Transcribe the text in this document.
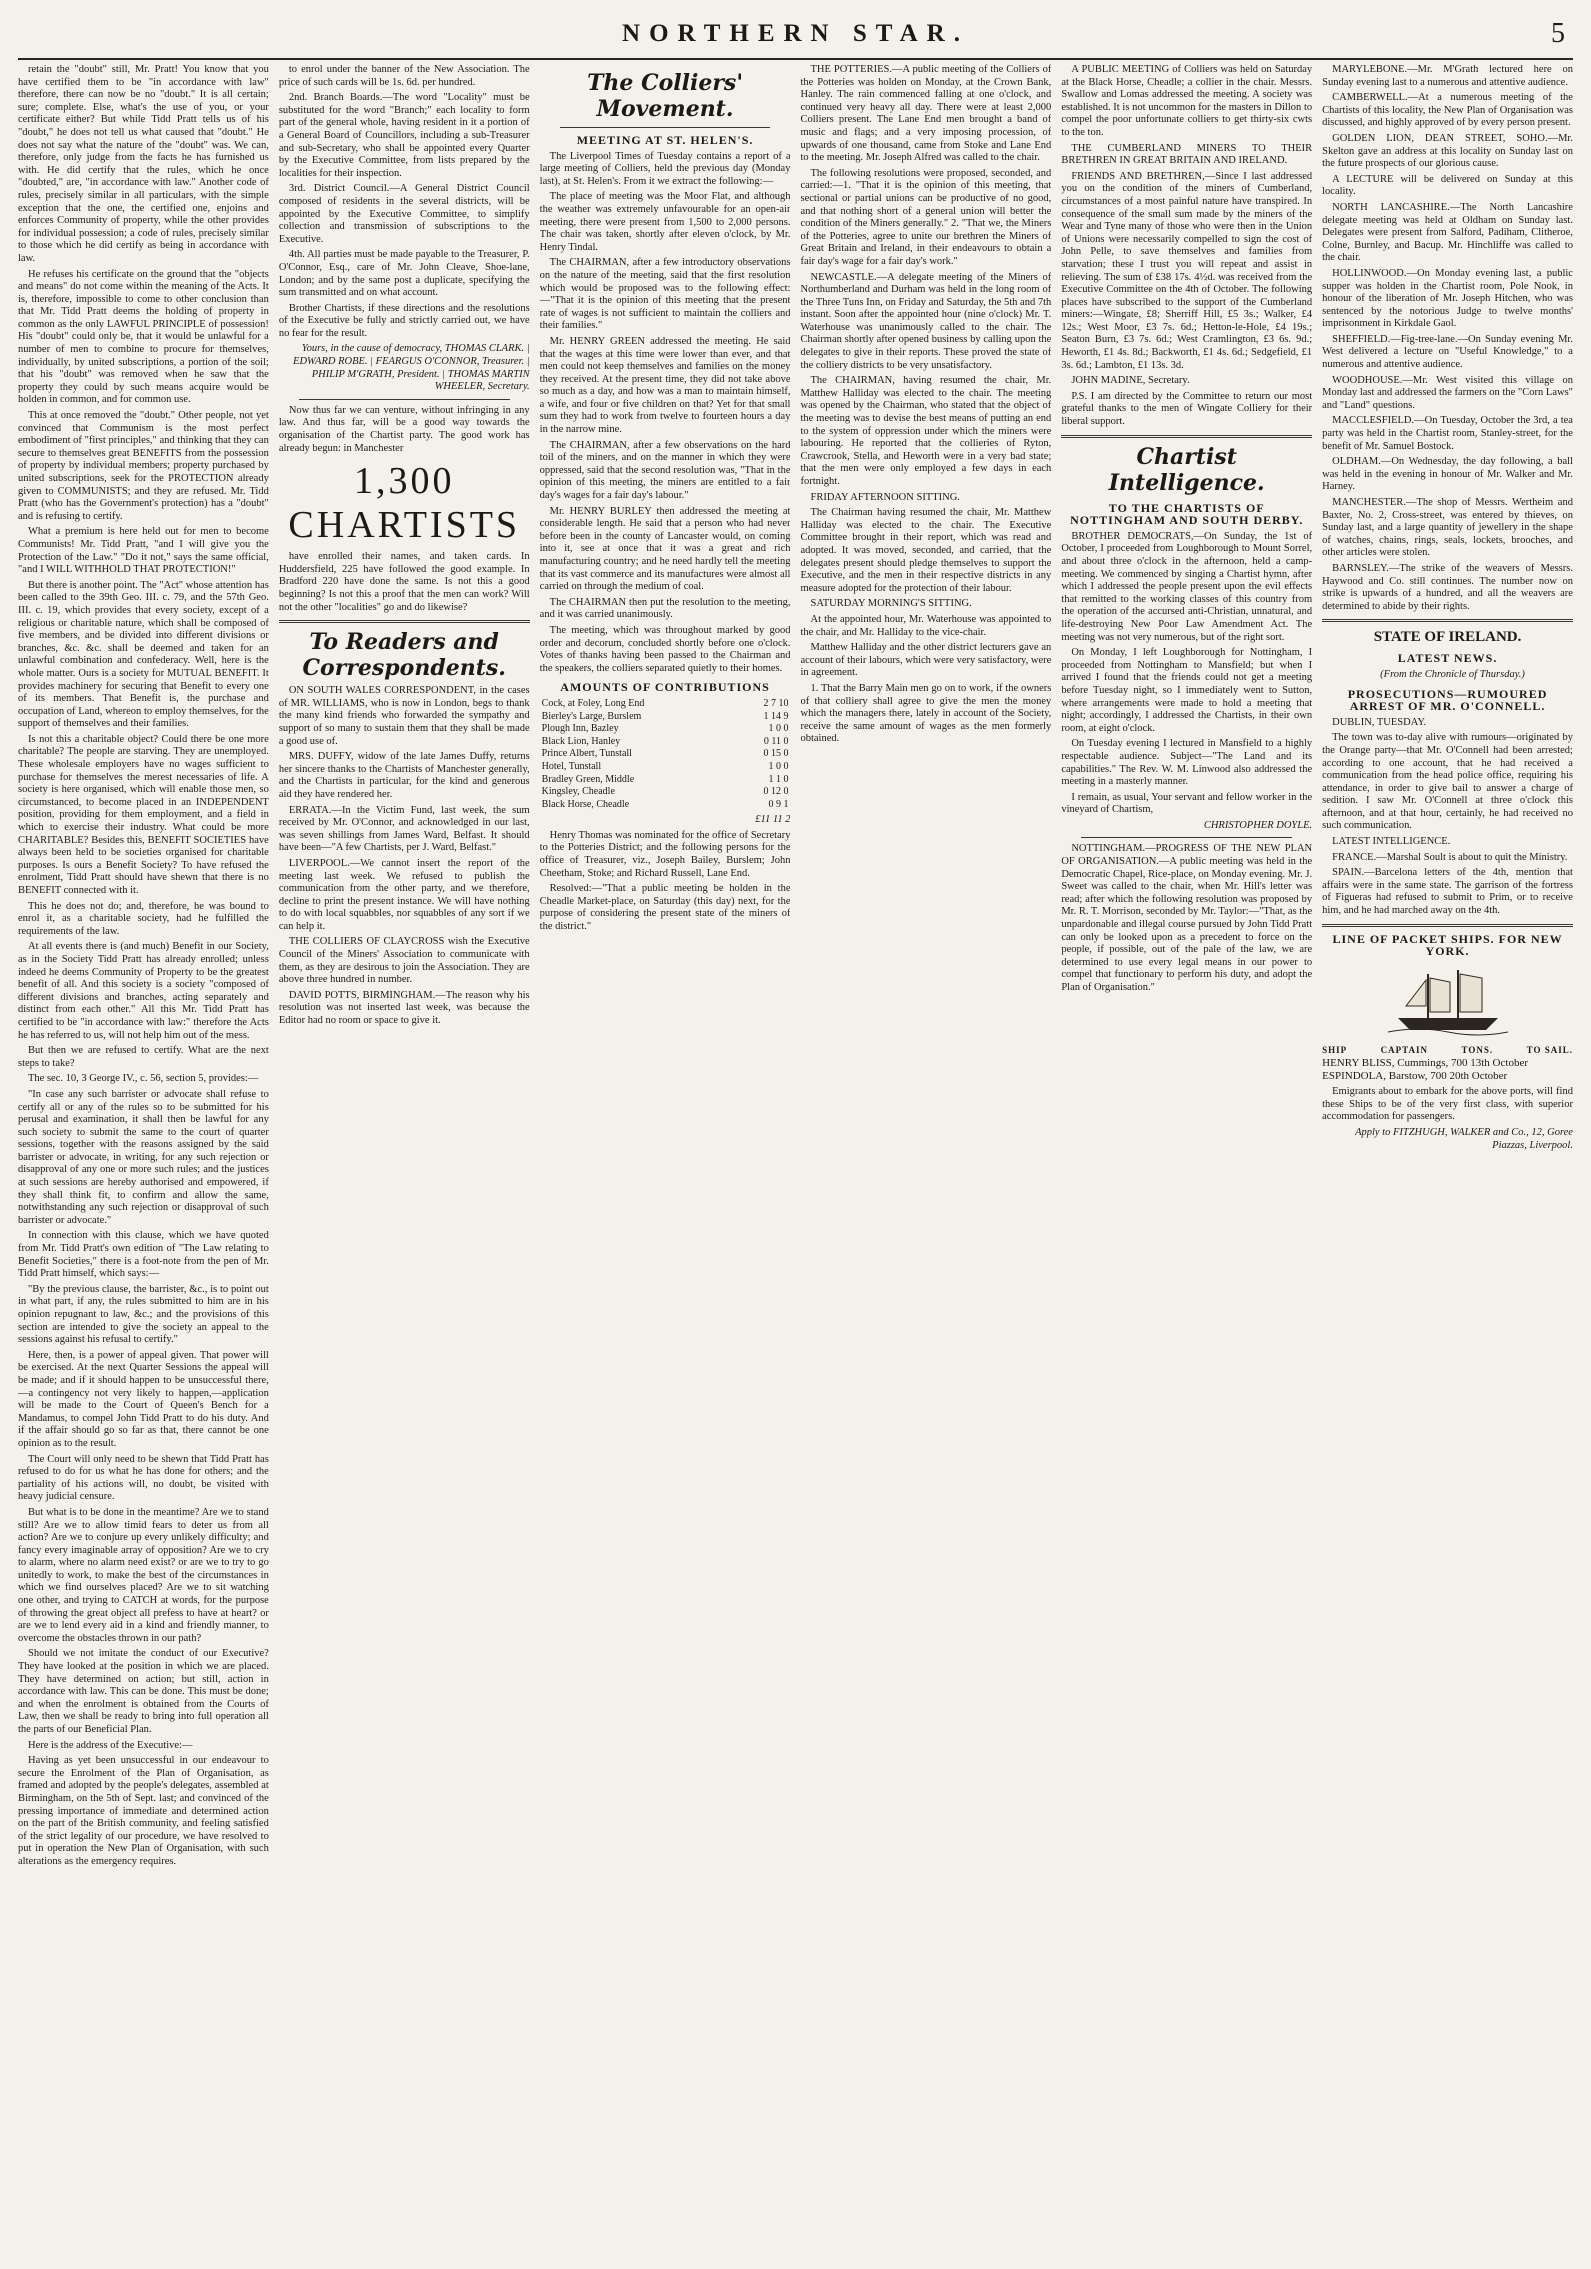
NORTHERN STAR.	5

retain the "doubt" still, Mr. Pratt! You know that you have certified them to be "in accordance with law" therefore, there can now be no "doubt." It is all certain; sure; complete. Else, what's the use of you, or your certificate either? But while Tidd Pratt tells us of his "doubt," he does not tell us what caused that "doubt." He does not say what the nature of the "doubt" was. We can, therefore, only judge from the facts he has furnished us with. He did certify that the rules, which he once "doubted," are, "in accordance with law." Another code of rules, precisely similar in all particulars, with the simple exception that the one, the certified one, enjoins and enforces Community of property, while the other provides for individual possession; a code of rules, precisely similar to those which he did certify as being in accordance with law.

He refuses his certificate on the ground that the "objects and means" do not come within the meaning of the Acts. It is, therefore, impossible to come to other conclusion than that Mr. Tidd Pratt deems the holding of property in common as the only LAWFUL PRINCIPLE of possession! His "doubt" could only be, that it would be unlawful for a number of men to combine to procure for themselves, individually, by united subscriptions, a portion of the soil; that his "doubt" was removed when he saw that the property they could by such means acquire would be holden in common, and for common use.

This at once removed the "doubt." Other people, not yet convinced that Communism is the most perfect embodiment of "first principles," and thinking that they can secure to themselves great BENEFITS from the possession of property by individual members; property purchased by united subscriptions, seek for the PROTECTION already given to COMMUNISTS; and they are refused. Mr. Tidd Pratt (who has the Government's protection) has a "doubt" and is refusing to certify.

What a premium is here held out for men to become Communists! Mr. Tidd Pratt, "and I will give you the Protection of the Law." "Do it not," says the same official, "and I WILL WITHHOLD THAT PROTECTION!"

But there is another point. The "Act" whose attention has been called to the 39th Geo. III. c. 79, and the 57th Geo. III. c. 19, which provides that every society, except of a religious or charitable nature, which shall be composed of five members, and be divided into different divisions or branches, &c. &c. shall be deemed and taken for an unlawful combination and confederacy. Well, here is the whole matter. Ours is a society for MUTUAL BENEFIT. It provides machinery for securing that Benefit to every one of its members. That Benefit is, the purchase and occupation of Land, whereon to employ themselves, for the support of themselves and their families.

Is not this a charitable object? Could there be one more charitable? The people are starving. They are unemployed. These wholesale employers have no wages sufficient to purchase for themselves the merest necessaries of life. A society is here organised, which will enable those men, so circumstanced, to become placed in an INDEPENDENT position, providing for them employment, and a field in which to exercise their industry. What could be more CHARITABLE? Besides this, BENEFIT SOCIETIES have always been held to be societies organised for charitable purposes. Is ours a Benefit Society? To have refused the enrolment, Tidd Pratt should have shewn that there is no BENEFIT connected with it.

This he does not do; and, therefore, he was bound to enrol it, as a charitable society, had he fulfilled the requirements of the law.

At all events there is (and much) Benefit in our Society, as in the Society Tidd Pratt has already enrolled; unless indeed he deems Community of Property to be the greatest benefit of all. And this society is a society "composed of different divisions and branches, acting separately and distinct from each other." All this Mr. Tidd Pratt has certified to be "in accordance with law:" therefore the Acts he has referred to us, will not help him out of the mess.

But then we are refused to certify. What are the next steps to take?

The sec. 10, 3 George IV., c. 56, section 5, provides:—

"In case any such barrister or advocate shall refuse to certify all or any of the rules so to be submitted for his perusal and examination, it shall then be lawful for any such society to submit the same to the court of quarter sessions, together with the reasons assigned by the said barrister or advocate, in writing, for any such rejection or disapproval of any one or more such rules; and the justices at such sessions are hereby authorised and empowered, if they shall think fit, to confirm and allow the same, notwithstanding any such rejection or disapproval of such barrister or advocate."

In connection with this clause, which we have quoted from Mr. Tidd Pratt's own edition of "The Law relating to Benefit Societies," there is a foot-note from the pen of Mr. Tidd Pratt himself, which says:—

"By the previous clause, the barrister, &c., is to point out in what part, if any, the rules submitted to him are in his opinion repugnant to law, &c.; and the provisions of this section are intended to give the society an appeal to the sessions against his refusal to certify."

Here, then, is a power of appeal given. That power will be exercised. At the next Quarter Sessions the appeal will be made; and if it should happen to be unsuccessful there,—a contingency not very likely to happen,—application will be made to the Court of Queen's Bench for a Mandamus, to compel John Tidd Pratt to do his duty. And if the affair should go so far as that, there cannot be one opinion as to the result.

The Court will only need to be shewn that Tidd Pratt has refused to do for us what he has done for others; and the partiality of his actions will, no doubt, be visited with heavy judicial censure.

But what is to be done in the meantime? Are we to stand still? Are we to allow timid fears to deter us from all action? Are we to conjure up every unlikely difficulty; and fancy every imaginable array of opposition? Are we to cry to alarm, where no alarm need exist? or are we to try to go unitedly to work, to make the best of the circumstances in which we find ourselves placed? Are we to sit watching one other, and trying to CATCH at words, for the purpose of throwing the great object all prefess to have at heart? or are we to lend every aid in a kind and friendly manner, to overcome the obstacles thrown in our path?

Should we not imitate the conduct of our Executive? They have looked at the position in which we are placed. They have determined on action; but still, action in accordance with law. This can be done. This must be done; and when the enrolment is obtained from the Courts of Law, then we shall be ready to bring into full operation all the parts of our Beneficial Plan.

Here is the address of the Executive:—

Having as yet been unsuccessful in our endeavour to secure the Enrolment of the Plan of Organisation, as framed and adopted by the people's delegates, assembled at Birmingham, on the 5th of Sept. last; and convinced of the pressing importance of immediate and determined action on the part of the British community, and feeling satisfied of the strict legality of our procedure, we have resolved to put in operation the New Plan of Organisation, with such alterations as the emergency requires.

to enrol under the banner of the New Association. The price of such cards will be 1s. 6d. per hundred.

2nd. Branch Boards.—The word "Locality" must be substituted for the word "Branch;" each locality to form part of the general whole, having resident in it a portion of a General Board of Councillors, including a sub-Treasurer and sub-Secretary, who shall be appointed every Quarter by the Executive Committee, from lists prepared by the localities for their inspection.

3rd. District Council.—A General District Council composed of residents in the several districts, will be appointed by the Executive Committee, to simplify collection and transmission of subscriptions to the Executive.

4th. All parties must be made payable to the Treasurer, P. O'Connor, Esq., care of Mr. John Cleave, Shoe-lane, London; and by the same post a duplicate, specifying the sum transmitted and on what account.

Brother Chartists, if these directions and the resolutions of the Executive be fully and strictly carried out, we have no fear for the result.

Yours, in the cause of democracy, THOMAS CLARK. | EDWARD ROBE. | FEARGUS O'CONNOR, Treasurer. | PHILIP M'GRATH, President. | THOMAS MARTIN WHEELER, Secretary.

Now thus far we can venture, without infringing in any law. And thus far, will be a good way towards the organisation of the Chartist party. The good work has already begun: in Manchester

1,300 CHARTISTS

have enrolled their names, and taken cards. In Huddersfield, 225 have followed the good example. In Bradford 220 have done the same. Is not this a good beginning? Is not this a proof that the men can work? Will not the other "localities" go and do likewise?

To Readers and Correspondents.

ON SOUTH WALES CORRESPONDENT, in the cases of MR. WILLIAMS, who is now in London, begs to thank the many kind friends who forwarded the sympathy and support of so many to sustain them that they shall be made a good use of.

MRS. DUFFY, widow of the late James Duffy, returns her sincere thanks to the Chartists of Manchester generally, and the Chartists in particular, for the kind and generous aid they have rendered her.

ERRATA.—In the Victim Fund, last week, the sum received by Mr. O'Connor, and acknowledged in our last, was seven shillings from James Ward, Belfast. It should have been—"A few Chartists, per J. Ward, Belfast."

LIVERPOOL.—We cannot insert the report of the meeting last week. We refused to publish the communication from the other party, and we therefore, decline to print the present instance. We will have nothing to do with local squabbles, nor squabbles of any sort if we can help it.

THE COLLIERS OF CLAYCROSS wish the Executive Council of the Miners' Association to communicate with them, as they are desirous to join the Association. They are above three hundred in number.

DAVID POTTS, BIRMINGHAM.—The reason why his resolution was not inserted last week, was because the Editor had no room or space to give it.

The Colliers' Movement.
MEETING AT ST. HELEN'S.

The Liverpool Times of Tuesday contains a report of a large meeting of Colliers, held the previous day (Monday last), at St. Helen's. From it we extract the following:—

The place of meeting was the Moor Flat, and although the weather was extremely unfavourable for an open-air meeting, there were present from 1,500 to 2,000 persons. The chair was taken, shortly after eleven o'clock, by Mr. Henry Tindal.

The CHAIRMAN, after a few introductory observations on the nature of the meeting, said that the first resolution which would be proposed was to the following effect:—"That it is the opinion of this meeting that the present rate of wages is not sufficient to maintain the colliers and their families."

Mr. HENRY GREEN addressed the meeting. He said that the wages at this time were lower than ever, and that men could not keep themselves and families on the money they received. At the present time, they did not take above so much as a day, and how was a man to maintain himself, a wife, and four or five children on that? Yet for that small sum they had to work from twelve to fourteen hours a day in the narrow mine.

The CHAIRMAN, after a few observations on the hard toil of the miners, and on the manner in which they were oppressed, said that the second resolution was, "That in the opinion of this meeting, the miners are entitled to a fair day's wages for a fair day's labour."

Mr. HENRY BURLEY then addressed the meeting at considerable length. He said that a person who had never before been in the county of Lancaster would, on coming into it, see at once that it was a great and rich manufacturing country; and he need hardly tell the meeting that its vast commerce and its manufactures were almost all carried on through the medium of coal.

The CHAIRMAN then put the resolution to the meeting, and it was carried unanimously.

The meeting, which was throughout marked by good order and decorum, concluded shortly before one o'clock. Votes of thanks having been passed to the Chairman and the speakers, the colliers separated quietly to their homes.

AMOUNTS OF CONTRIBUTIONS
Cock, at Foley, Long End	2 7 10
Bierley's Large, Burslem	1 14 9
Plough Inn, Bazley	1 0 0
Black Lion, Hanley	0 11 0
Prince Albert, Tunstall	0 15 0
Hotel, Tunstall	1 0 0
Bradley Green, Middle	1 1 0
Kingsley, Cheadle	0 12 0
Black Horse, Cheadle	0 9 1

£11 11 2

Henry Thomas was nominated for the office of Secretary to the Potteries District; and the following persons for the office of Treasurer, viz., Joseph Bailey, Burslem; John Cheetham, Stoke; and Richard Russell, Lane End.

Resolved:—"That a public meeting be holden in the Cheadle Market-place, on Saturday (this day) next, for the purpose of considering the present state of the miners of the district."

THE POTTERIES.—A public meeting of the Colliers of the Potteries was holden on Monday, at the Crown Bank, Hanley. The rain commenced falling at one o'clock, and continued very heavy all day. There were at least 2,000 Colliers present. The Lane End men brought a band of music and flags; and a very imposing procession, of upwards of one thousand, came from Stoke and Lane End to the meeting. Mr. Joseph Alfred was called to the chair.

The following resolutions were proposed, seconded, and carried:—1. "That it is the opinion of this meeting, that sectional or partial unions can be productive of no good, and that nothing short of a general union will better the condition of the Miners generally." 2. "That we, the Miners of the Potteries, agree to unite our brethren the Miners of Great Britain and Ireland, in their endeavours to obtain a fair day's wage for a fair day's work."

NEWCASTLE.—A delegate meeting of the Miners of Northumberland and Durham was held in the long room of the Three Tuns Inn, on Friday and Saturday, the 5th and 7th instant. Soon after the appointed hour (nine o'clock) Mr. T. Waterhouse was unanimously called to the chair. The Chairman shortly after opened business by calling upon the delegates to give in their reports. These proved the state of the colliery districts to be very unsatisfactory.

The CHAIRMAN, having resumed the chair, Mr. Matthew Halliday was elected to the chair. The meeting was opened by the Chairman, who stated that the object of the meeting was to devise the best means of putting an end to the system of oppression under which the miners were labouring. He reported that the collieries of Ryton, Crawcrook, Stella, and Heworth were in a very bad state; that the men were only employed a few days in each fortnight.

FRIDAY AFTERNOON SITTING.

The Chairman having resumed the chair, Mr. Matthew Halliday was elected to the chair. The Executive Committee brought in their report, which was read and adopted. It was moved, seconded, and carried, that the delegates present should pledge themselves to support the Executive, and the men in their respective districts in any measure adopted for the protection of their labour.

SATURDAY MORNING'S SITTING.

At the appointed hour, Mr. Waterhouse was appointed to the chair, and Mr. Halliday to the vice-chair.

Matthew Halliday and the other district lecturers gave an account of their labours, which were very satisfactory, were in agreement.

1. That the Barry Main men go on to work, if the owners of that colliery shall agree to give the men the money which the managers there, lately in account of the Society, receive the same amount of wages as the men formerly obtained.

A PUBLIC MEETING of Colliers was held on Saturday at the Black Horse, Cheadle; a collier in the chair. Messrs. Swallow and Lomas addressed the meeting. A society was established. It is not uncommon for the masters in Dillon to compel the poor unfortunate colliers to get thirty-six cwts to the ton.

THE CUMBERLAND MINERS TO THEIR BRETHREN IN GREAT BRITAIN AND IRELAND.

FRIENDS AND BRETHREN,—Since I last addressed you on the condition of the miners of Cumberland, circumstances of a most painful nature have transpired. In consequence of the small sum made by the miners of the Wear and Tyne many of those who were then in the Union of Unions were necessarily compelled to sign the cost of John Pelle, to save themselves and families from starvation; these I trust you will repeat and assist in relieving. The sum of £38 17s. 4½d. was received from the Executive Committee on the 4th of October. The following places have subscribed to the support of the Cumberland miners:—Wingate, £8; Sherriff Hill, £5 3s.; Walker, £4 12s.; West Moor, £3 7s. 6d.; Hetton-le-Hole, £4 19s.; Seaton Burn, £3 7s. 6d.; West Cramlington, £3 6s. 9d.; Heworth, £1 4s. 8d.; Backworth, £1 4s. 6d.; Sedgefield, £1 3s. 6d.; Lambton, £1 13s. 3d.

JOHN MADINE, Secretary.

P.S. I am directed by the Committee to return our most grateful thanks to the men of Wingate Colliery for their liberal support.

Chartist Intelligence.
TO THE CHARTISTS OF NOTTINGHAM AND SOUTH DERBY.

BROTHER DEMOCRATS,—On Sunday, the 1st of October, I proceeded from Loughborough to Mount Sorrel, and about three o'clock in the afternoon, held a camp-meeting. We commenced by singing a Chartist hymn, after which I addressed the people present upon the evil effects that remitted to the working classes of this country from the operation of the accursed anti-Christian, unnatural, and life-destroying New Poor Law Amendment Act. The meeting was not very numerous, but of the right sort.

On Monday, I left Loughborough for Nottingham, I proceeded from Nottingham to Mansfield; but when I arrived I found that the friends could not get a meeting before Tuesday night, so I immediately went to Sutton, where arrangements were made to hold a meeting that night; accordingly, I addressed the Chartists, in their own room, at eight o'clock.

On Tuesday evening I lectured in Mansfield to a highly respectable audience. Subject—"The Land and its capabilities." The Rev. W. M. Linwood also addressed the meeting in a masterly manner.

I remain, as usual, Your servant and fellow worker in the vineyard of Chartism,

CHRISTOPHER DOYLE.

NOTTINGHAM.—PROGRESS OF THE NEW PLAN OF ORGANISATION.—A public meeting was held in the Democratic Chapel, Rice-place, on Monday evening. Mr. J. Sweet was called to the chair, when Mr. Hill's letter was read; after which the following resolution was proposed by Mr. R. T. Morrison, seconded by Mr. Taylor:—"That, as the unpardonable and illegal course pursued by John Tidd Pratt can only be looked upon as a precedent to force on the people, if possible, out of the pale of the law, we are determined to use every legal means in our power to compel that functionary to perform his duty, and adopt the Plan of Organisation."

MARYLEBONE.—Mr. M'Grath lectured here on Sunday evening last to a numerous and attentive audience.

CAMBERWELL.—At a numerous meeting of the Chartists of this locality, the New Plan of Organisation was discussed, and highly approved of by every person present.

GOLDEN LION, DEAN STREET, SOHO.—Mr. Skelton gave an address at this locality on Sunday last on the future prospects of our glorious cause.

A LECTURE will be delivered on Sunday at this locality.

NORTH LANCASHIRE.—The North Lancashire delegate meeting was held at Oldham on Sunday last. Delegates were present from Salford, Padiham, Clitheroe, Colne, Burnley, and Bacup. Mr. Hinchliffe was called to the chair.

HOLLINWOOD.—On Monday evening last, a public supper was holden in the Chartist room, Pole Nook, in honour of the liberation of Mr. Joseph Hitchen, who was sentenced by the notorious Judge to twelve months' imprisonment in Kirkdale Gaol.

SHEFFIELD.—Fig-tree-lane.—On Sunday evening Mr. West delivered a lecture on "Useful Knowledge," to a numerous and attentive audience.

WOODHOUSE.—Mr. West visited this village on Monday last and addressed the farmers on the "Corn Laws" and "Land" questions.

MACCLESFIELD.—On Tuesday, October the 3rd, a tea party was held in the Chartist room, Stanley-street, for the benefit of Mr. Samuel Bostock.

OLDHAM.—On Wednesday, the day following, a ball was held in the evening in honour of Mr. Walker and Mr. Harney.

MANCHESTER.—The shop of Messrs. Wertheim and Baxter, No. 2, Cross-street, was entered by thieves, on Sunday last, and a large quantity of jewellery in the shape of watches, chains, rings, seals, lockets, brooches, and other articles were stolen.

BARNSLEY.—The strike of the weavers of Messrs. Haywood and Co. still continues. The number now on strike is upwards of a hundred, and all the weavers are determined to abide by their rights.

STATE OF IRELAND.
LATEST NEWS.

(From the Chronicle of Thursday.)

PROSECUTIONS—RUMOURED ARREST OF MR. O'CONNELL.

DUBLIN, TUESDAY.

The town was to-day alive with rumours—originated by the Orange party—that Mr. O'Connell had been arrested; according to one account, that he had received a communication from the head police office, requiring his attendance, in order to give bail to answer a charge of sedition. I saw Mr. O'Connell at three o'clock this afternoon, and at that hour, certainly, he had received no such communication.

LATEST INTELLIGENCE.

FRANCE.—Marshal Soult is about to quit the Ministry.

SPAIN.—Barcelona letters of the 4th, mention that affairs were in the same state. The garrison of the fortress of Figueras had refused to submit to Prim, or to receive him, and he had marched away on the 4th.

LINE OF PACKET SHIPS. FOR NEW YORK.
SHIP	CAPTAIN	TONS.	TO SAIL.
HENRY BLISS, Cummings, 700 13th October
ESPINDOLA, Barstow, 700 20th October

Emigrants about to embark for the above ports, will find these Ships to be of the very first class, with superior accommodation for passengers.

Apply to FITZHUGH, WALKER and Co., 12, Goree Piazzas, Liverpool.
